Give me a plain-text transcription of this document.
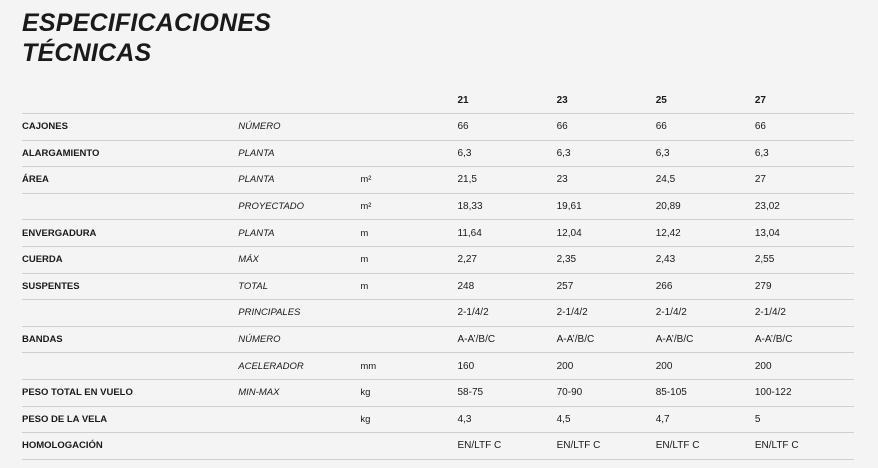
ESPECIFICACIONES
TÉCNICAS
			21	23	25	27
CAJONES	NÚMERO		66	66	66	66
ALARGAMIENTO	PLANTA		6,3	6,3	6,3	6,3
ÁREA	PLANTA	m²	21,5	23	24,5	27
	PROYECTADO	m²	18,33	19,61	20,89	23,02
ENVERGADURA	PLANTA	m	11,64	12,04	12,42	13,04
CUERDA	MÁX	m	2,27	2,35	2,43	2,55
SUSPENTES	TOTAL	m	248	257	266	279
	PRINCIPALES		2-1/4/2	2-1/4/2	2-1/4/2	2-1/4/2
BANDAS	NÚMERO		A-A’/B/C	A-A’/B/C	A-A’/B/C	A-A’/B/C
	ACELERADOR	mm	160	200	200	200
PESO TOTAL EN VUELO	MIN-MAX	kg	58-75	70-90	85-105	100-122
PESO DE LA VELA		kg	4,3	4,5	4,7	5
HOMOLOGACIÓN			EN/LTF C	EN/LTF C	EN/LTF C	EN/LTF C
